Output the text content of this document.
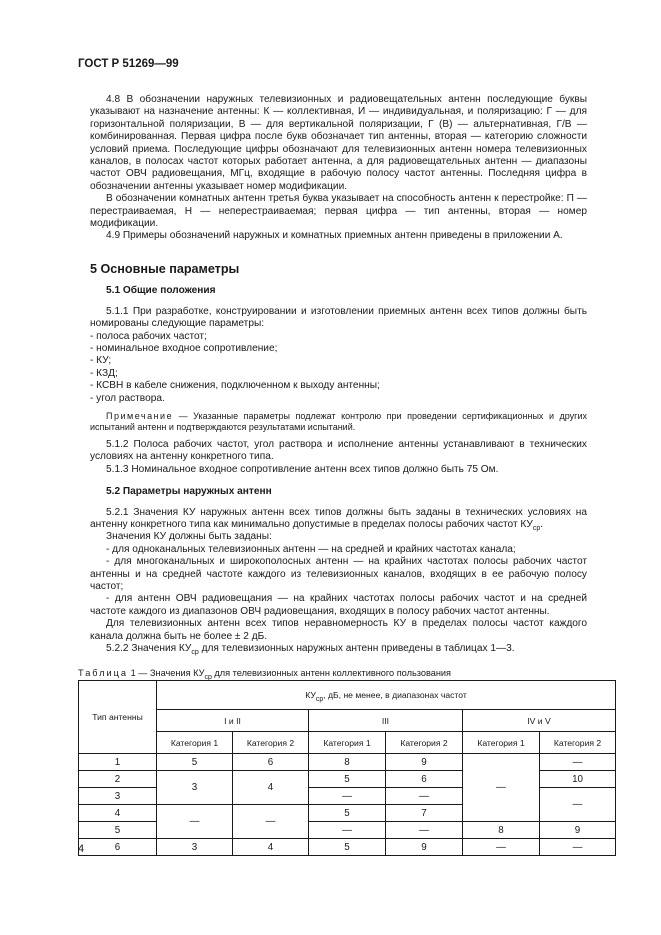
ГОСТ Р 51269—99

4.8 В обозначении наружных телевизионных и радиовещательных антенн последующие буквы указывают на назначение антенны: К — коллективная, И — индивидуальная, и поляризацию: Г — для горизонтальной поляризации, В — для вертикальной поляризации, Г (В) — альтернативная, Г/В — комбинированная. Первая цифра после букв обозначает тип антенны, вторая — категорию сложности условий приема. Последующие цифры обозначают для телевизионных антенн номера телевизионных каналов, в полосах частот которых работает антенна, а для радиовещательных антенн — диапазоны частот ОВЧ радиовещания, МГц, входящие в рабочую полосу частот антенны. Последняя цифра в обозначении антенны указывает номер модификации.

В обозначении комнатных антенн третья буква указывает на способность антенн к перестройке: П — перестраиваемая, Н — неперестраиваемая; первая цифра — тип антенны, вторая — номер модификации.

4.9 Примеры обозначений наружных и комнатных приемных антенн приведены в приложении А.

5 Основные параметры

5.1 Общие положения

5.1.1 При разработке, конструировании и изготовлении приемных антенн всех типов должны быть номированы следующие параметры:

- полоса рабочих частот;

- номинальное входное сопротивление;

- КУ;

- КЗД;

- КСВН в кабеле снижения, подключенном к выходу антенны;

- угол раствора.

Примечание — Указанные параметры подлежат контролю при проведении сертификационных и других испытаний антенн и подтверждаются результатами испытаний.

5.1.2 Полоса рабочих частот, угол раствора и исполнение антенны устанавливают в технических условиях на антенну конкретного типа.

5.1.3 Номинальное входное сопротивление антенн всех типов должно быть 75 Ом.

5.2 Параметры наружных антенн

5.2.1 Значения КУ наружных антенн всех типов должны быть заданы в технических условиях на антенну конкретного типа как минимально допустимые в пределах полосы рабочих частот $КУ_{ср}$.

Значения КУ должны быть заданы:

- для одноканальных телевизионных антенн — на средней и крайних частотах канала;

- для многоканальных и широкополосных антенн — на крайних частотах полосы рабочих частот антенны и на средней частоте каждого из телевизионных каналов, входящих в ее рабочую полосу частот;

- для антенн ОВЧ радиовещания — на крайних частотах полосы рабочих частот и на средней частоте каждого из диапазонов ОВЧ радиовещания, входящих в полосу рабочих частот антенны.

Для телевизионных антенн всех типов неравномерность КУ в пределах полосы частот каждого канала должна быть не более ± 2 дБ.

5.2.2 Значения $КУ_{ср}$ для телевизионных наружных антенн приведены в таблицах 1—3.

Таблица 1 — Значения $КУ_{ср}$ для телевизионных антенн коллективного пользования
Тип антенны	$КУ_{ср}$, дБ, не менее, в диапазонах частот					
	I и II		III		IV и V	
	Категория 1	Категория 2	Категория 1	Категория 2	Категория 1	Категория 2
1	5	6	8	9	—	—
2	3	4	5	6		10
3			—	—		—
4	—	—	5	7		
5			—	—	8	9
6	3	4	5	9	—	—
4
